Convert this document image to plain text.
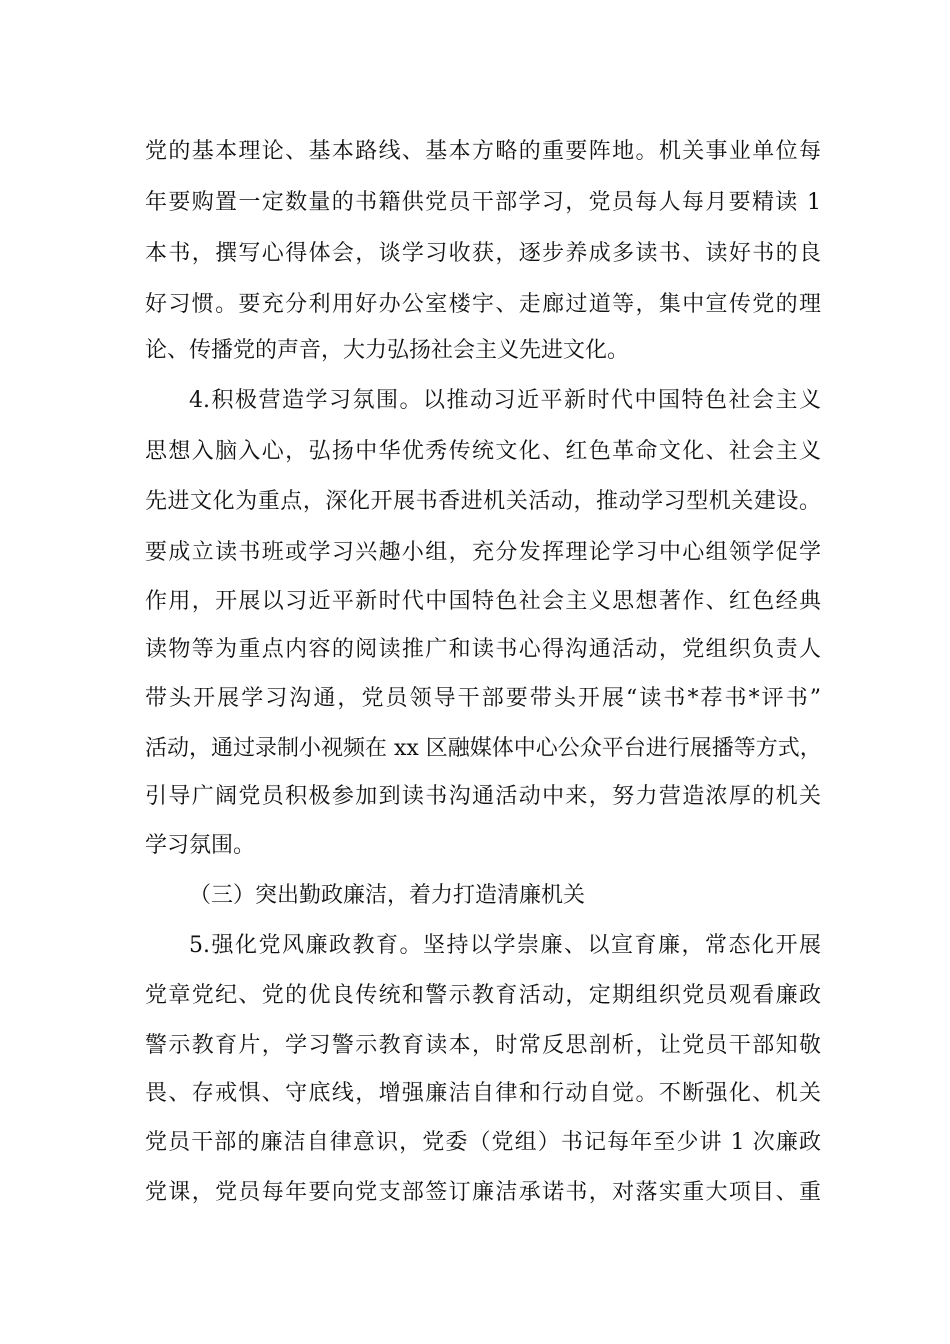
党的基本理论、基本路线、基本方略的重要阵地。机关事业单位每
年要购置一定数量的书籍供党员干部学习，党员每人每月要精读 1
本书，撰写心得体会，谈学习收获，逐步养成多读书、读好书的良
好习惯。要充分利用好办公室楼宇、走廊过道等，集中宣传党的理
论、传播党的声音，大力弘扬社会主义先进文化。
4.积极营造学习氛围。以推动习近平新时代中国特色社会主义
思想入脑入心，弘扬中华优秀传统文化、红色革命文化、社会主义
先进文化为重点，深化开展书香进机关活动，推动学习型机关建设。
要成立读书班或学习兴趣小组，充分发挥理论学习中心组领学促学
作用，开展以习近平新时代中国特色社会主义思想著作、红色经典
读物等为重点内容的阅读推广和读书心得沟通活动，党组织负责人
带头开展学习沟通，党员领导干部要带头开展“读书*荐书*评书”
活动，通过录制小视频在 xx 区融媒体中心公众平台进行展播等方式，
引导广阔党员积极参加到读书沟通活动中来，努力营造浓厚的机关
学习氛围。
（三）突出勤政廉洁，着力打造清廉机关
5.强化党风廉政教育。坚持以学崇廉、以宣育廉，常态化开展
党章党纪、党的优良传统和警示教育活动，定期组织党员观看廉政
警示教育片，学习警示教育读本，时常反思剖析，让党员干部知敬
畏、存戒惧、守底线，增强廉洁自律和行动自觉。不断强化、机关
党员干部的廉洁自律意识，党委（党组）书记每年至少讲 1 次廉政
党课，党员每年要向党支部签订廉洁承诺书，对落实重大项目、重
